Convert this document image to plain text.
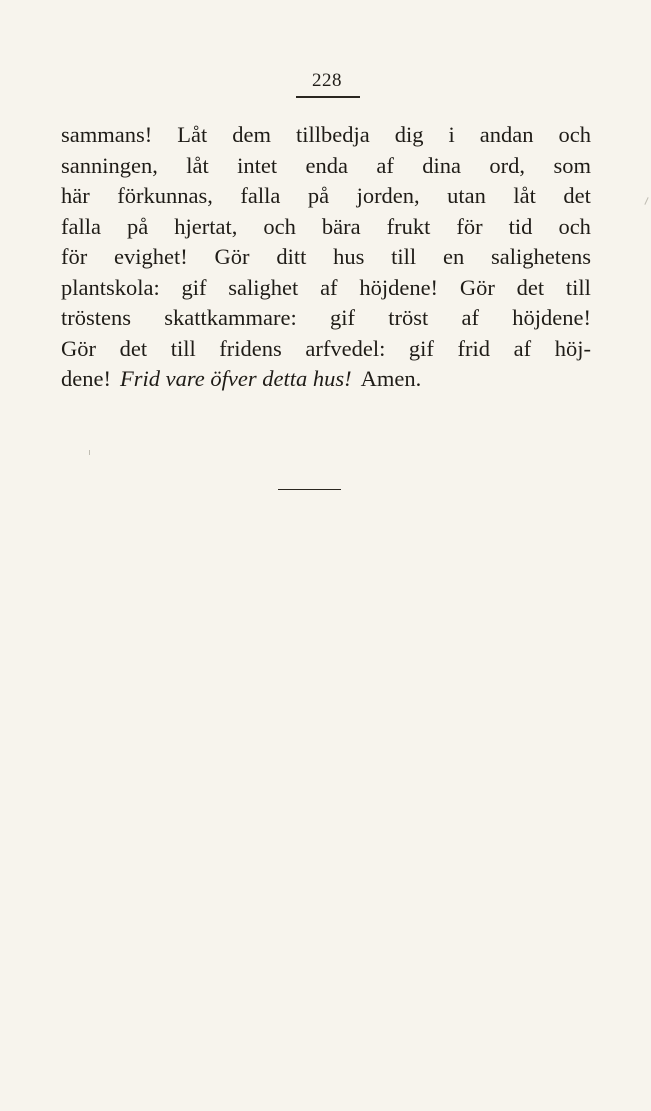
228
sammans! Låt dem tillbedja dig i andan och
sanningen, låt intet enda af dina ord, som
här förkunnas, falla på jorden, utan låt det
falla på hjertat, och bära frukt för tid och
för evighet! Gör ditt hus till en salighetens
plantskola: gif salighet af höjdene! Gör det till
tröstens skattkammare: gif tröst af höjdene!
Gör det till fridens arfvedel: gif frid af höj-
dene! Frid vare öfver detta hus! Amen.
